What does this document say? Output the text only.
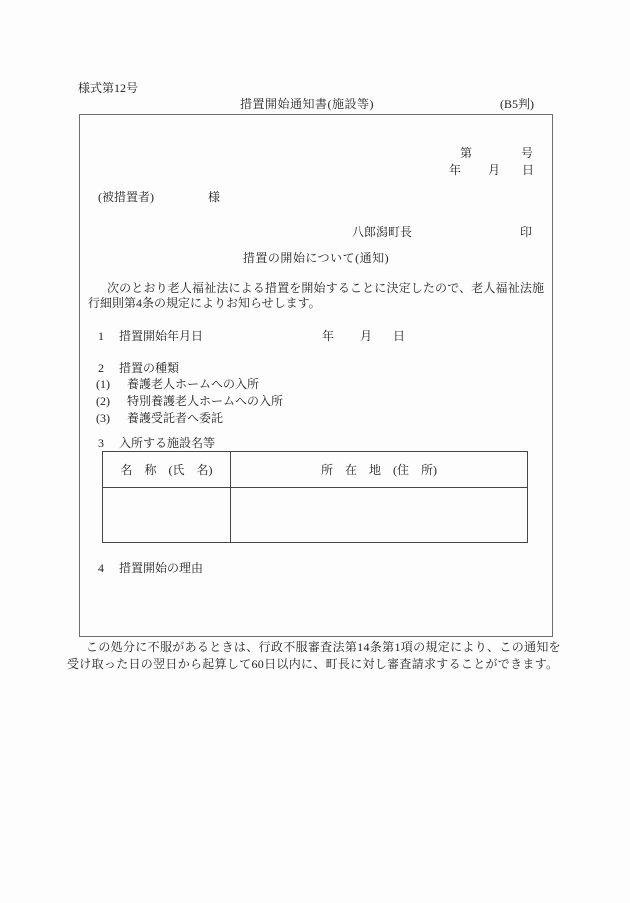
様式第12号
措置開始通知書(施設等)	(B5判)
第	号
年 月 日
(被措置者)	様
八郎潟町長	印
措置の開始について(通知)
次のとおり老人福祉法による措置を開始することに決定したので、老人福祉法施行細則第4条の規定によりお知らせします。
1 措置開始年月日	年 月 日
2 措置の種類
(1) 養護老人ホームへの入所
(2) 特別養護老人ホームへの入所
(3) 養護受託者へ委託
3 入所する施設名等
名　称　(氏　名)	所　在　地　(住　所)
4 措置開始の理由
この処分に不服があるときは、行政不服審査法第14条第1項の規定により、この通知を受け取った日の翌日から起算して60日以内に、町長に対し審査請求することができます。
